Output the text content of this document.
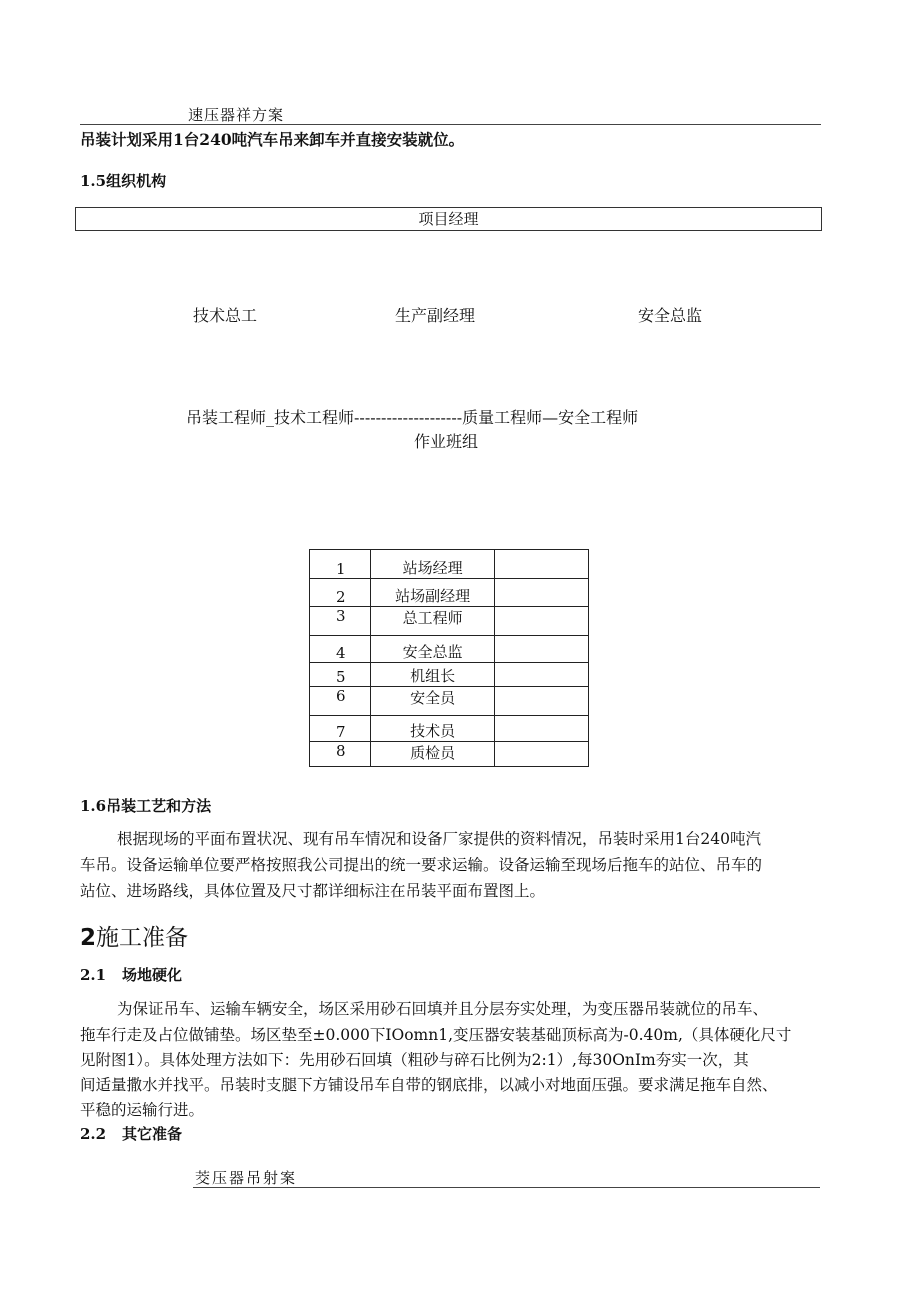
速压器祥方案
吊装计划采用1台240吨汽车吊来卸车并直接安装就位。
1.5组织机构
项目经理
技术总工	生产副经理	安全总监
吊装工程师_技术工程师--------------------质量工程师—安全工程师
作业班组
1	站场经理	
2	站场副经理	
3	总工程师	
4	安全总监	
5	机组长	
6	安全员	
7	技术员	
8	质检员	
1.6吊装工艺和方法
根据现场的平面布置状况、现有吊车情况和设备厂家提供的资料情况，吊装时采用1台240吨汽
车吊。设备运输单位要严格按照我公司提出的统一要求运输。设备运输至现场后拖车的站位、吊车的
站位、进场路线，具体位置及尺寸都详细标注在吊装平面布置图上。
2施工准备
2.1 场地硬化
为保证吊车、运输车辆安全，场区采用砂石回填并且分层夯实处理，为变压器吊装就位的吊车、
拖车行走及占位做铺垫。场区垫至±0.000下IOomn1,变压器安装基础顶标高为-0.40m,（具体硬化尺寸
见附图1）。具体处理方法如下：先用砂石回填（粗砂与碎石比例为2:1）,每30OnIm夯实一次，其
间适量撒水并找平。吊装时支腿下方铺设吊车自带的钢底排，以减小对地面压强。要求满足拖车自然、
平稳的运输行进。
2.2 其它准备
茭压器吊射案
